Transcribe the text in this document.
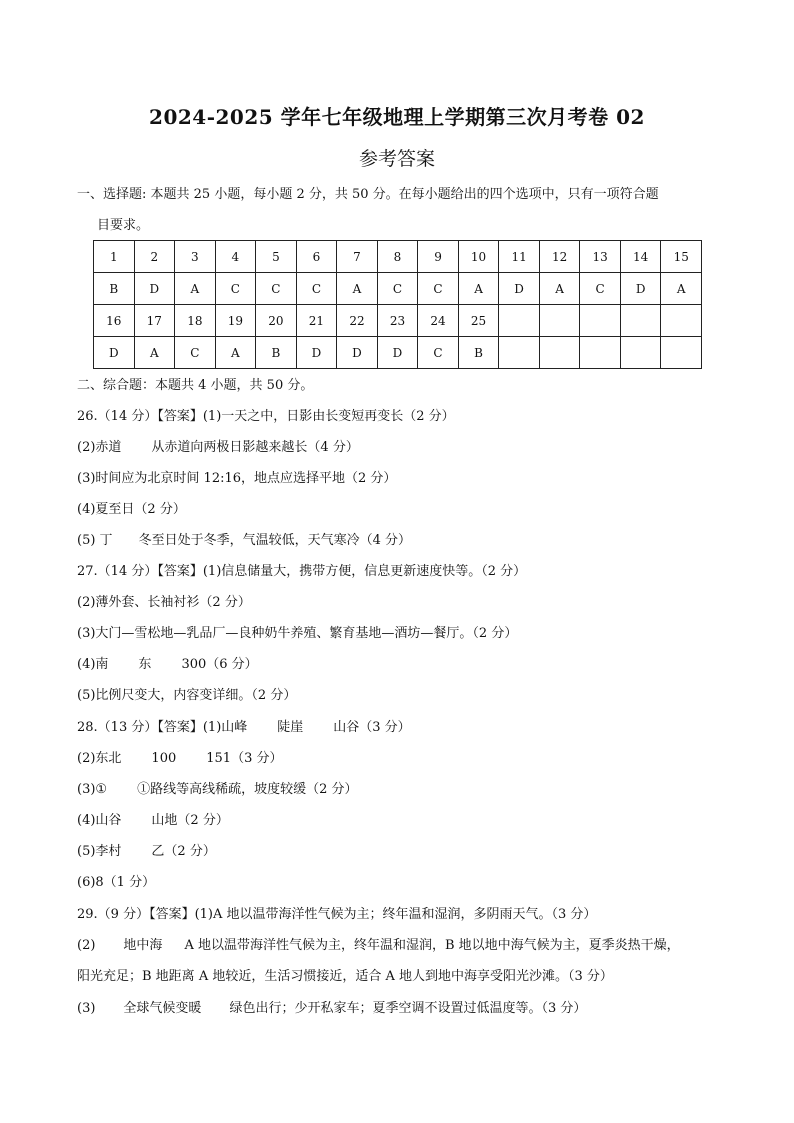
2024-2025 学年七年级地理上学期第三次月考卷 02
参考答案
一、选择题: 本题共 25 小题，每小题 2 分，共 50 分。在每小题给出的四个选项中，只有一项符合题
目要求。
1	2	3	4	5	6	7	8	9	10	11	12	13	14	15
B	D	A	C	C	C	A	C	C	A	D	A	C	D	A
16	17	18	19	20	21	22	23	24	25					
D	A	C	A	B	D	D	D	C	B					
二、综合题：本题共 4 小题，共 50 分。
26.（14 分）【答案】(1)一天之中，日影由长变短再变长（2 分）
(2)赤道 从赤道向两极日影越来越长（4 分）
(3)时间应为北京时间 12:16，地点应选择平地（2 分）
(4)夏至日（2 分）
(5) 丁 冬至日处于冬季，气温较低，天气寒冷（4 分）
27.（14 分）【答案】(1)信息储量大，携带方便，信息更新速度快等。（2 分）
(2)薄外套、长袖衬衫（2 分）
(3)大门—雪松地—乳品厂—良种奶牛养殖、繁育基地—酒坊—餐厅。（2 分）
(4)南 东 300（6 分）
(5)比例尺变大，内容变详细。（2 分）
28.（13 分）【答案】(1)山峰 陡崖 山谷（3 分）
(2)东北 100 151（3 分）
(3)① ①路线等高线稀疏，坡度较缓（2 分）
(4)山谷 山地（2 分）
(5)李村 乙（2 分）
(6)8（1 分）
29.（9 分）【答案】(1)A 地以温带海洋性气候为主；终年温和湿润，多阴雨天气。（3 分）
(2) 地中海 A 地以温带海洋性气候为主，终年温和湿润，B 地以地中海气候为主，夏季炎热干燥，
阳光充足；B 地距离 A 地较近，生活习惯接近，适合 A 地人到地中海享受阳光沙滩。（3 分）
(3) 全球气候变暖 绿色出行；少开私家车；夏季空调不设置过低温度等。（3 分）
